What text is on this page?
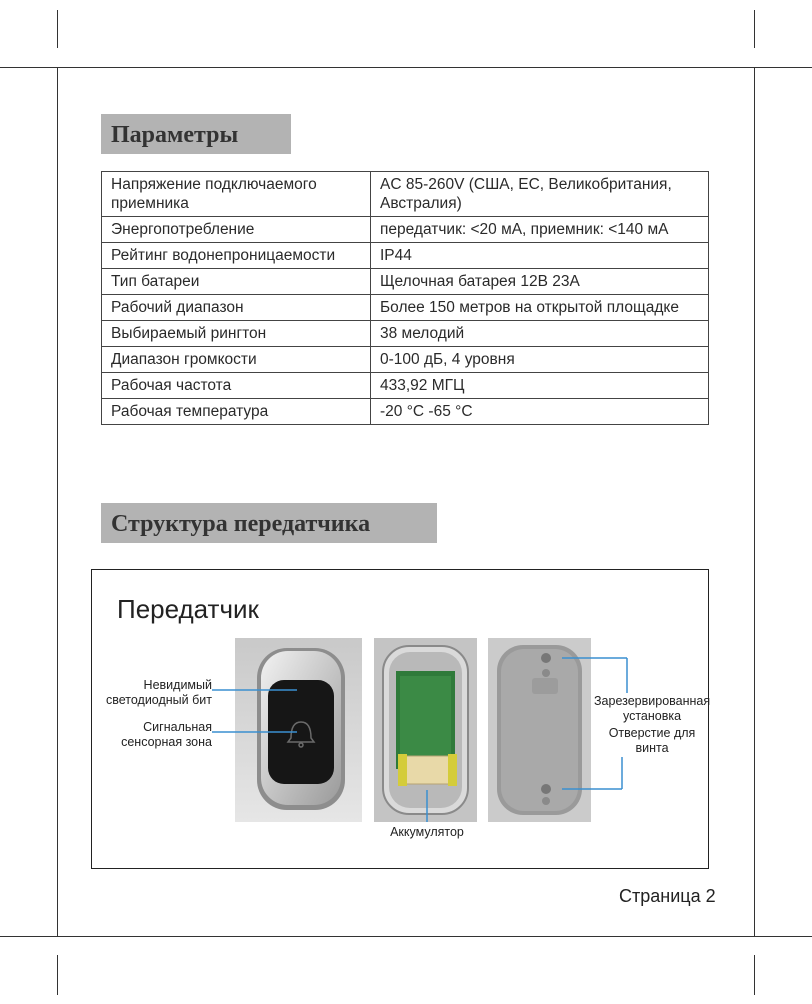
Параметры
Напряжение подключаемого приемника	AC 85-260V (США, ЕС, Великобритания, Австралия)
Энергопотребление	передатчик: <20 мА, приемник: <140 мА
Рейтинг водонепроницаемости	IP44
Тип батареи	Щелочная батарея 12В 23A
Рабочий диапазон	Более 150 метров на открытой площадке
Выбираемый рингтон	38 мелодий
Диапазон громкости	0-100 дБ, 4 уровня
Рабочая частота	433,92 МГЦ
Рабочая температура	-20 °C -65 °C
Структура передатчика
Передатчик
Невидимый светодиодный бит
Сигнальная сенсорная зона
Аккумулятор
Зарезервированная установка
Отверстие для винта
Страница 2
